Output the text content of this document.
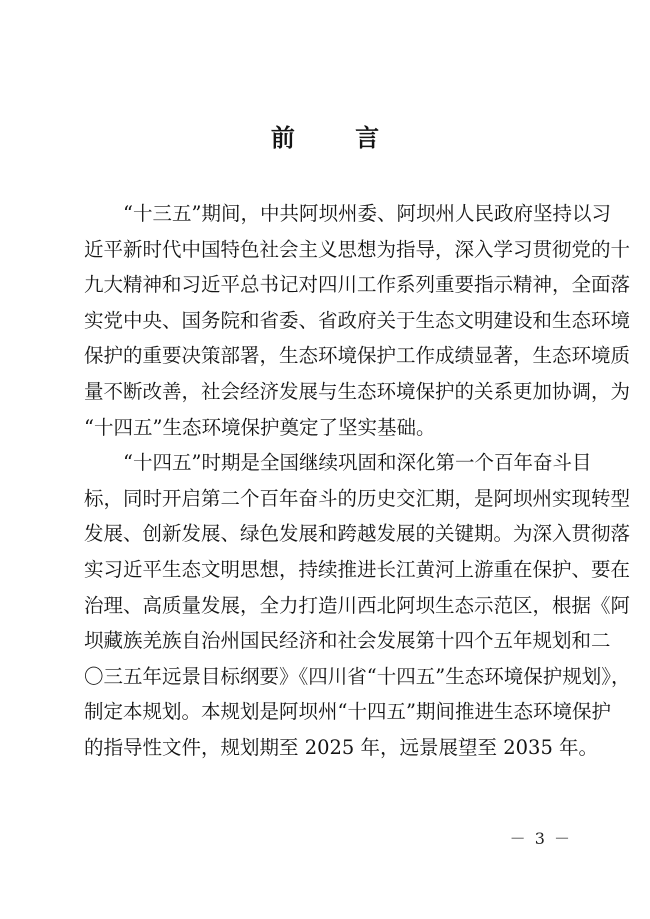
前 言
“十三五”期间，中共阿坝州委、阿坝州人民政府坚持以习
近平新时代中国特色社会主义思想为指导，深入学习贯彻党的十
九大精神和习近平总书记对四川工作系列重要指示精神，全面落
实党中央、国务院和省委、省政府关于生态文明建设和生态环境
保护的重要决策部署，生态环境保护工作成绩显著，生态环境质
量不断改善，社会经济发展与生态环境保护的关系更加协调，为
“十四五”生态环境保护奠定了坚实基础。
“十四五”时期是全国继续巩固和深化第一个百年奋斗目
标，同时开启第二个百年奋斗的历史交汇期，是阿坝州实现转型
发展、创新发展、绿色发展和跨越发展的关键期。为深入贯彻落
实习近平生态文明思想，持续推进长江黄河上游重在保护、要在
治理、高质量发展，全力打造川西北阿坝生态示范区，根据《阿
坝藏族羌族自治州国民经济和社会发展第十四个五年规划和二
〇三五年远景目标纲要》《四川省“十四五”生态环境保护规划》，
制定本规划。本规划是阿坝州“十四五”期间推进生态环境保护
的指导性文件，规划期至 2025 年，远景展望至 2035 年。
－ 3 －
